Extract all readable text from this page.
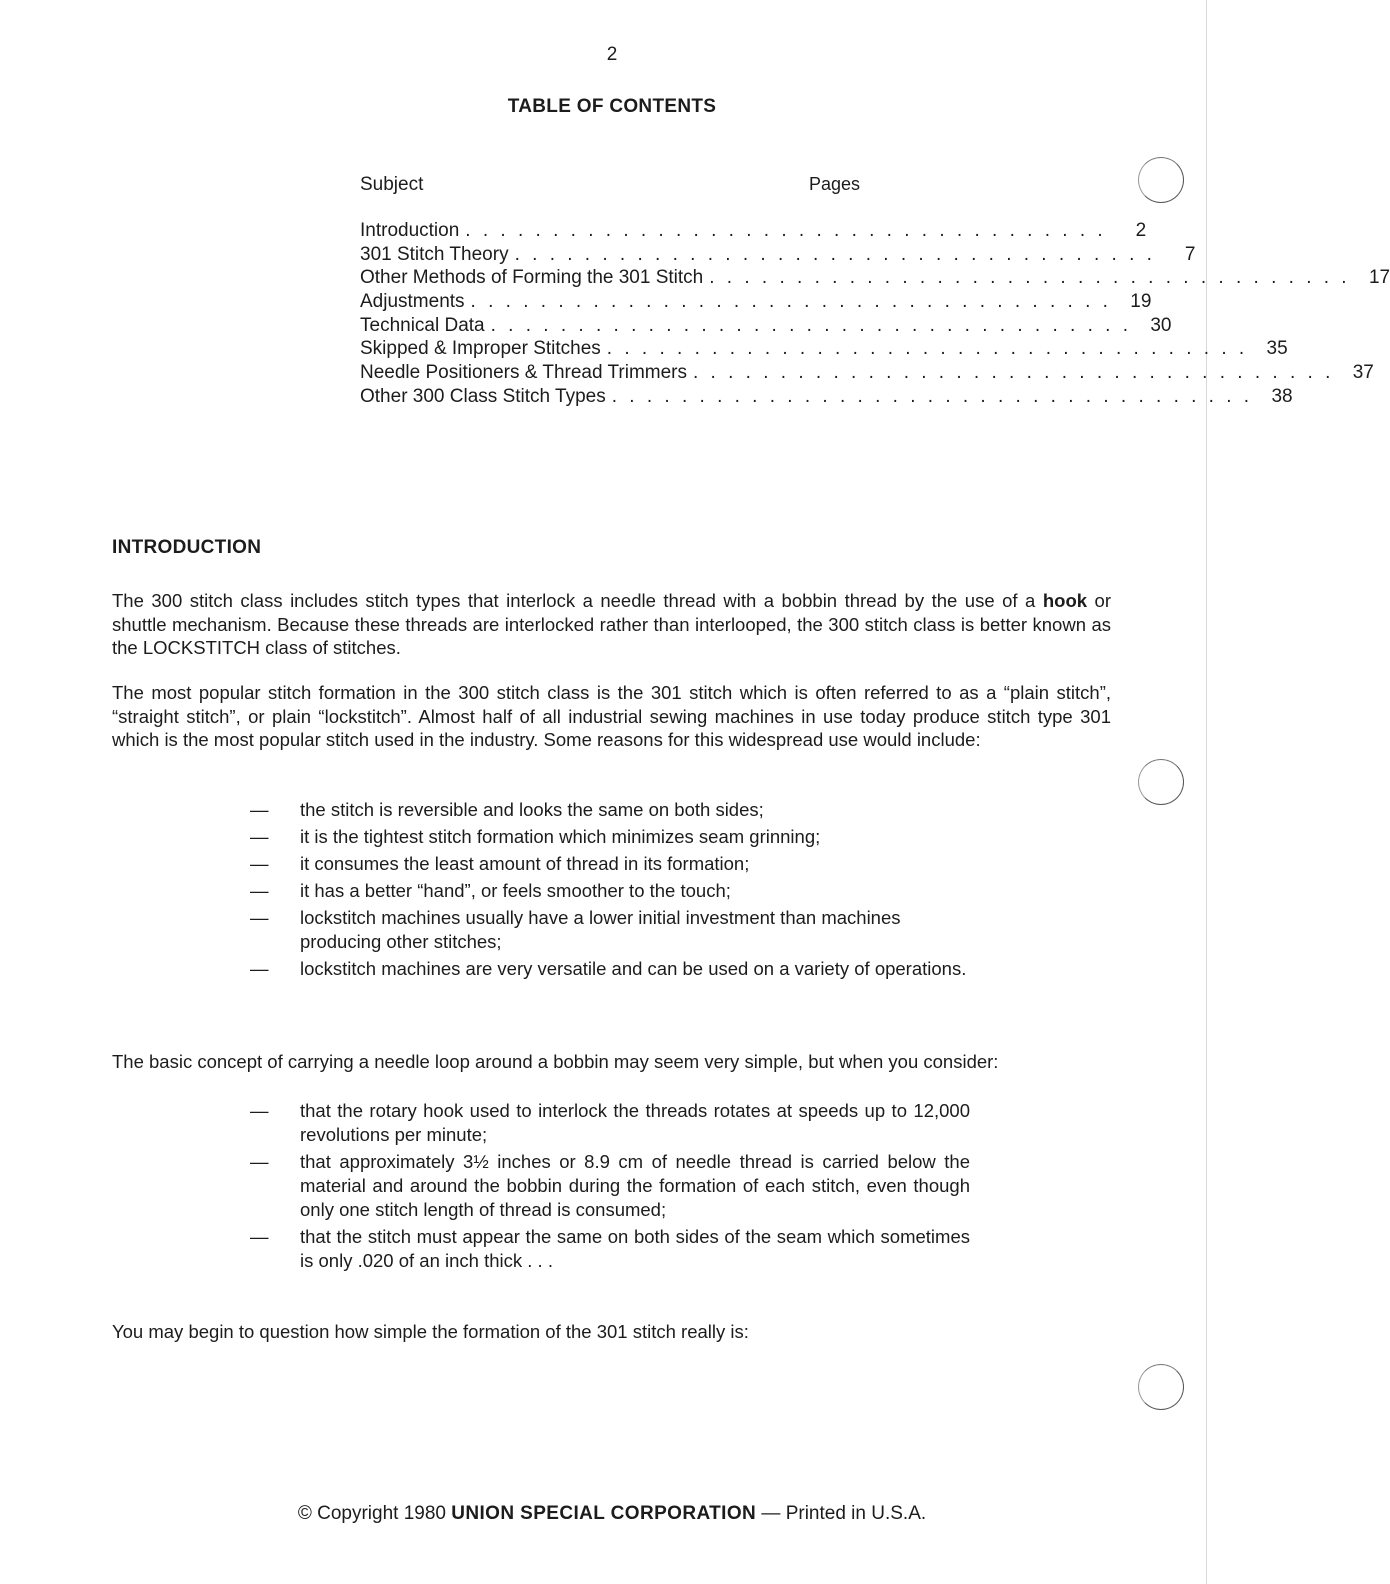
2
TABLE OF CONTENTS
Subject	Pages
Introduction . . . . . . . . . . . . . . . . . . . . . . . . . . . . . . . . . . . . .	2
301 Stitch Theory . . . . . . . . . . . . . . . . . . . . . . . . . . . . . . . . . . . . .	7
Other Methods of Forming the 301 Stitch . . . . . . . . . . . . . . . . . . . . . . . . . . . . . . . . . . . . . 17
Adjustments . . . . . . . . . . . . . . . . . . . . . . . . . . . . . . . . . . . . . 19
Technical Data . . . . . . . . . . . . . . . . . . . . . . . . . . . . . . . . . . . . . 30
Skipped & Improper Stitches . . . . . . . . . . . . . . . . . . . . . . . . . . . . . . . . . . . . . 35
Needle Positioners & Thread Trimmers . . . . . . . . . . . . . . . . . . . . . . . . . . . . . . . . . . . . . 37
Other 300 Class Stitch Types . . . . . . . . . . . . . . . . . . . . . . . . . . . . . . . . . . . . . 38
INTRODUCTION

The 300 stitch class includes stitch types that interlock a needle thread with a bobbin thread by the use of a hook or shuttle mechanism. Because these threads are interlocked rather than interlooped, the 300 stitch class is better known as the LOCKSTITCH class of stitches.

The most popular stitch formation in the 300 stitch class is the 301 stitch which is often referred to as a “plain stitch”, “straight stitch”, or plain “lockstitch”. Almost half of all industrial sewing machines in use today produce stitch type 301 which is the most popular stitch used in the industry. Some reasons for this widespread use would include:

—	the stitch is reversible and looks the same on both sides;
—	it is the tightest stitch formation which minimizes seam grinning;
—	it consumes the least amount of thread in its formation;
—	it has a better “hand”, or feels smoother to the touch;
—	lockstitch machines usually have a lower initial investment than machines producing other stitches;
—	lockstitch machines are very versatile and can be used on a variety of operations.

The basic concept of carrying a needle loop around a bobbin may seem very simple, but when you consider:

—	that the rotary hook used to interlock the threads rotates at speeds up to 12,000 revolutions per minute;
—	that approximately 3½ inches or 8.9 cm of needle thread is carried below the material and around the bobbin during the formation of each stitch, even though only one stitch length of thread is consumed;
—	that the stitch must appear the same on both sides of the seam which sometimes is only .020 of an inch thick . . .

You may begin to question how simple the formation of the 301 stitch really is:

© Copyright 1980 UNION SPECIAL CORPORATION — Printed in U.S.A.
